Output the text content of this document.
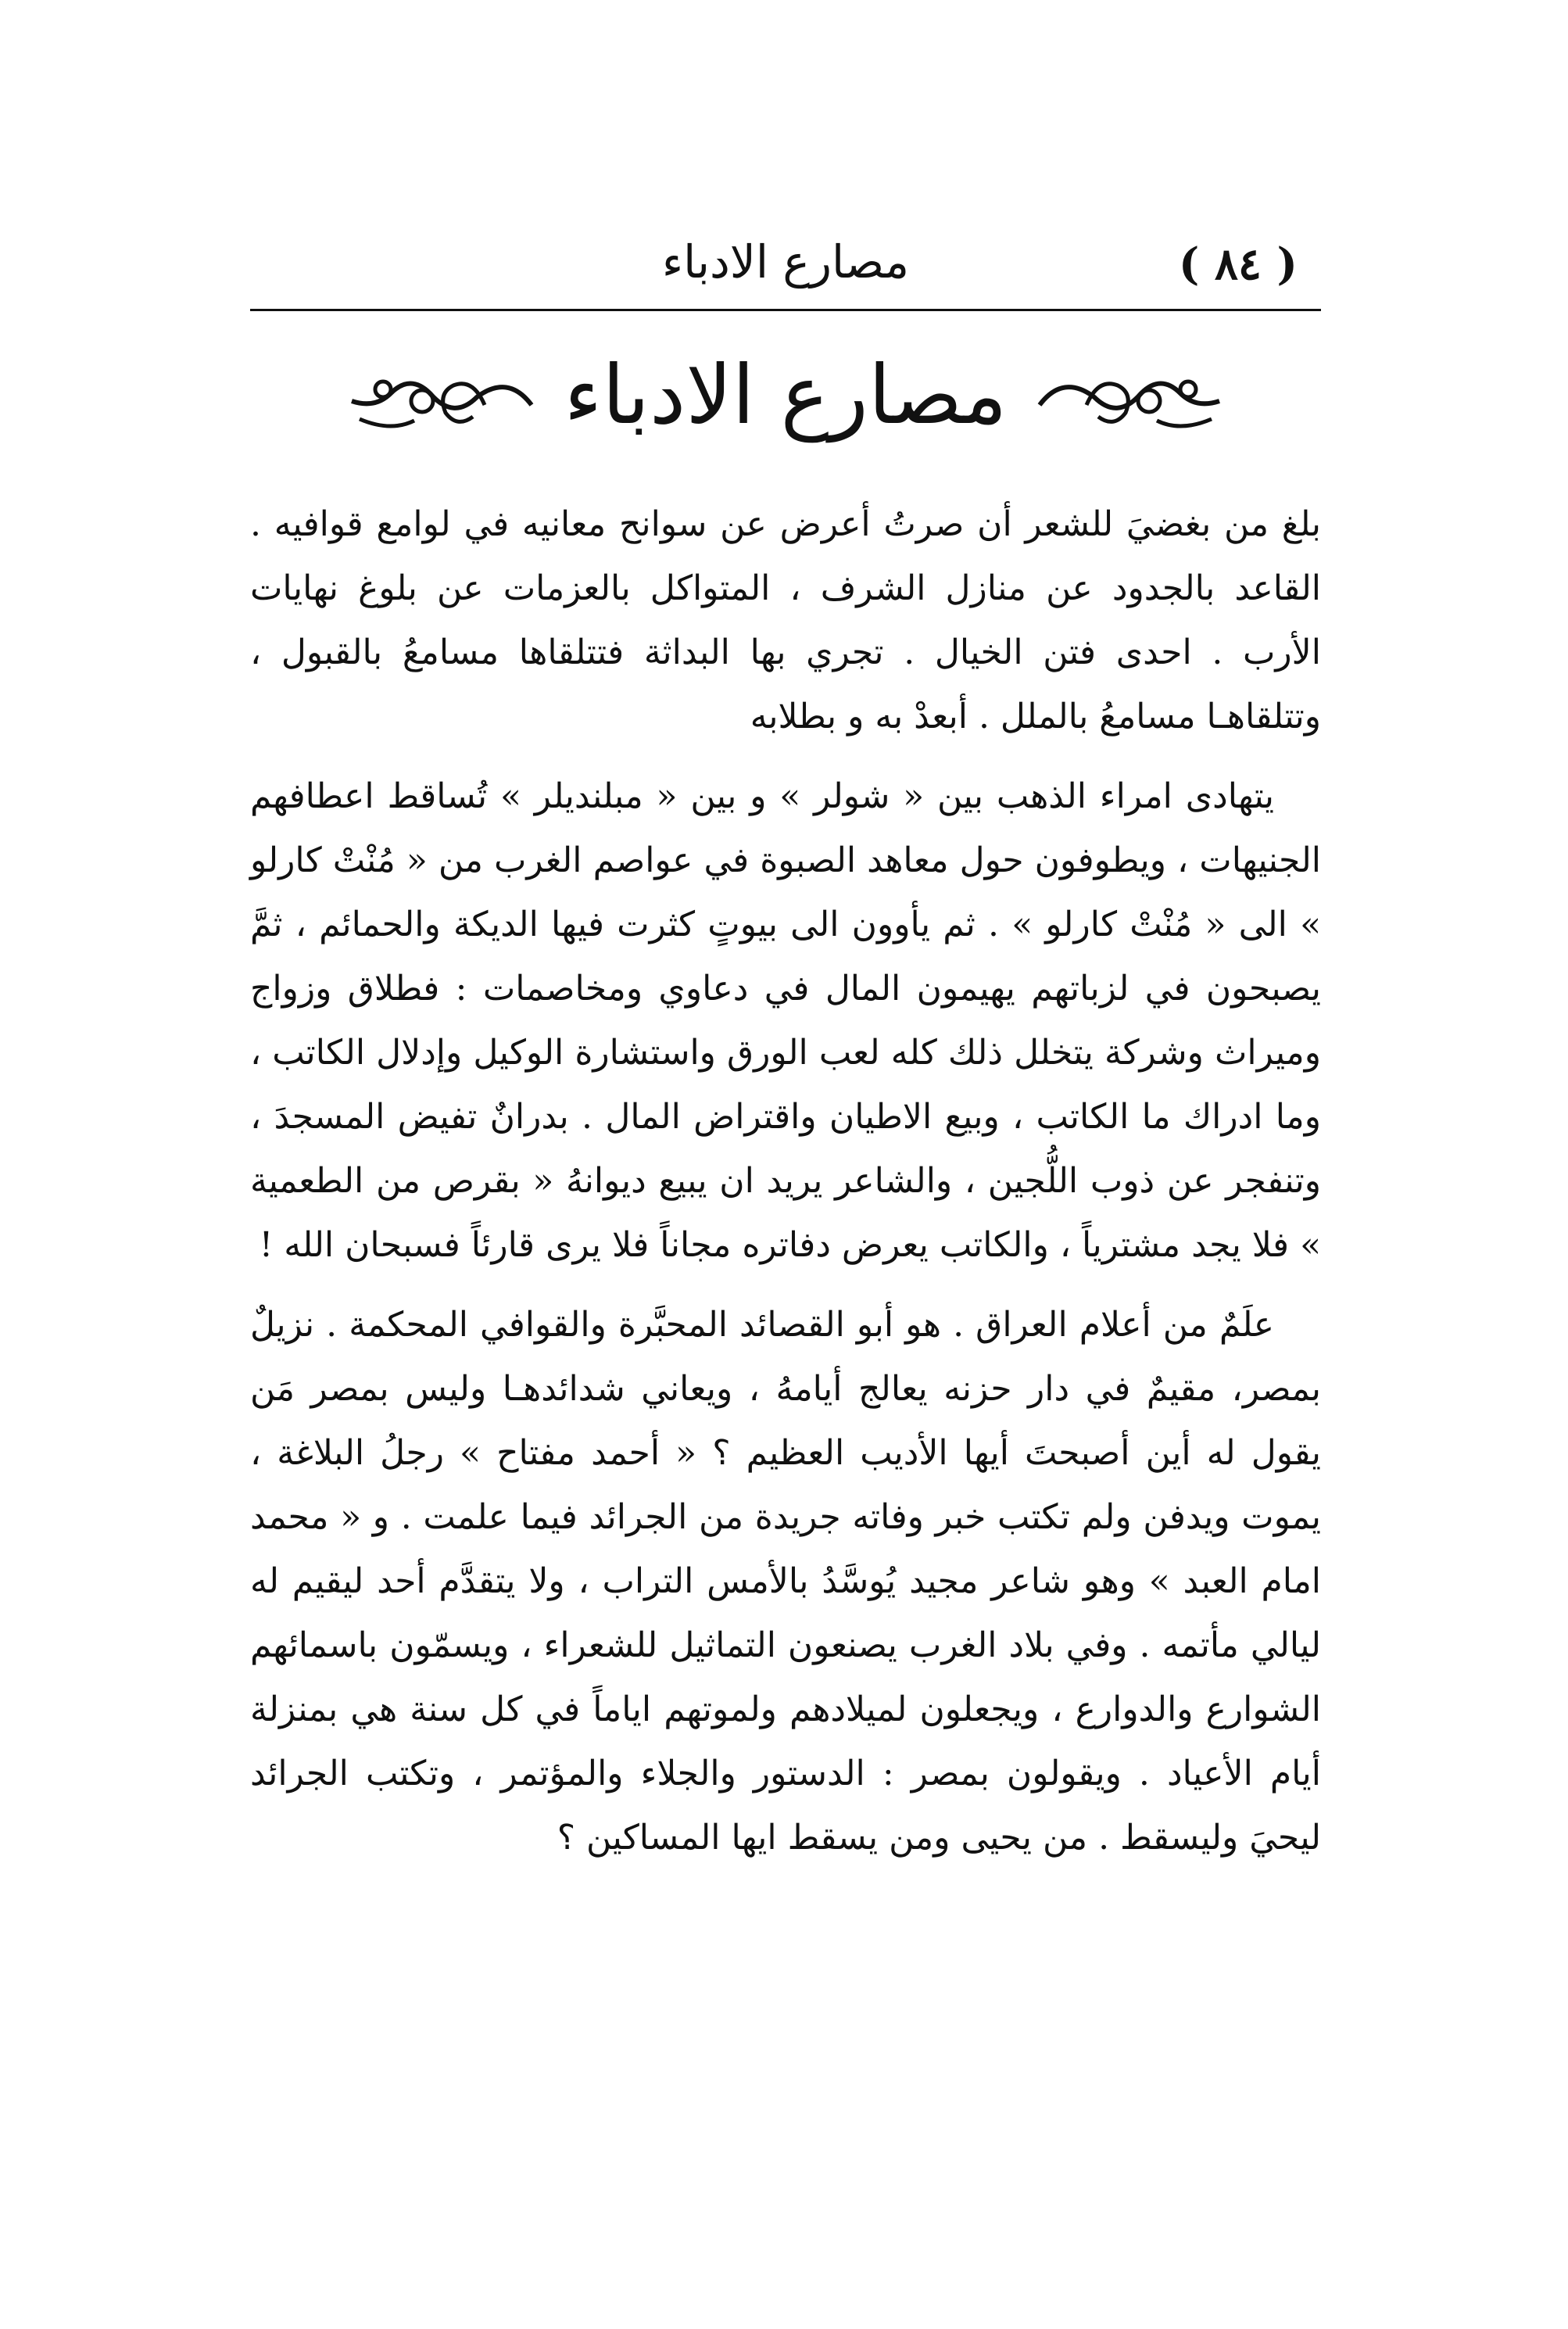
( ٨٤ )
مصارع الادباء
مصارع الادباء

بلغ من بغضيَ للشعر أن صرتُ أعرض عن سوانح معانيه في لوامع قوافيه . القاعد بالجدود عن منازل الشرف ، المتواكل بالعزمات عن بلوغ نهايات الأرب . احدى فتن الخيال . تجري بها البداثة فتتلقاها مسامعُ بالقبول ، وتتلقاهـا مسامعُ بالملل . أبعدْ به و بطلابه

يتهادى امراء الذهب بين « شولر » و بين « مبلنديلر » تُساقط اعطافهم الجنيهات ، ويطوفون حول معاهد الصبوة في عواصم الغرب من « مُنْتْ كارلو » الى « مُنْتْ كارلو » . ثم يأوون الى بيوتٍ كثرت فيها الديكة والحمائم ، ثمَّ يصبحون في لزباتهم يهيمون المال في دعاوي ومخاصمات : فطلاق وزواج وميراث وشركة يتخلل ذلك كله لعب الورق واستشارة الوكيل وإدلال الكاتب ، وما ادراك ما الكاتب ، وبيع الاطيان واقتراض المال . بدرانٌ تفيض المسجدَ ، وتنفجر عن ذوب اللُّجين ، والشاعر يريد ان يبيع ديوانهُ « بقرص من الطعمية » فلا يجد مشترياً ، والكاتب يعرض دفاتره مجاناً فلا يرى قارئاً فسبحان الله !

علَمٌ من أعلام العراق . هو أبو القصائد المحبَّرة والقوافي المحكمة . نزيلٌ بمصر، مقيمٌ في دار حزنه يعالج أيامهُ ، ويعاني شدائدهـا وليس بمصر مَن يقول له أين أصبحتَ أيها الأديب العظيم ؟ « أحمد مفتاح » رجلُ البلاغة ، يموت ويدفن ولم تكتب خبر وفاته جريدة من الجرائد فيما علمت . و « محمد امام العبد » وهو شاعر مجيد يُوسَّدُ بالأمس التراب ، ولا يتقدَّم أحد ليقيم له ليالي مأتمه . وفي بلاد الغرب يصنعون التماثيل للشعراء ، ويسمّون باسمائهم الشوارع والدوارع ، ويجعلون لميلادهم ولموتهم اياماً في كل سنة هي بمنزلة أيام الأعياد . ويقولون بمصر : الدستور والجلاء والمؤتمر ، وتكتب الجرائد ليحيَ وليسقط . من يحيى ومن يسقط ايها المساكين ؟
